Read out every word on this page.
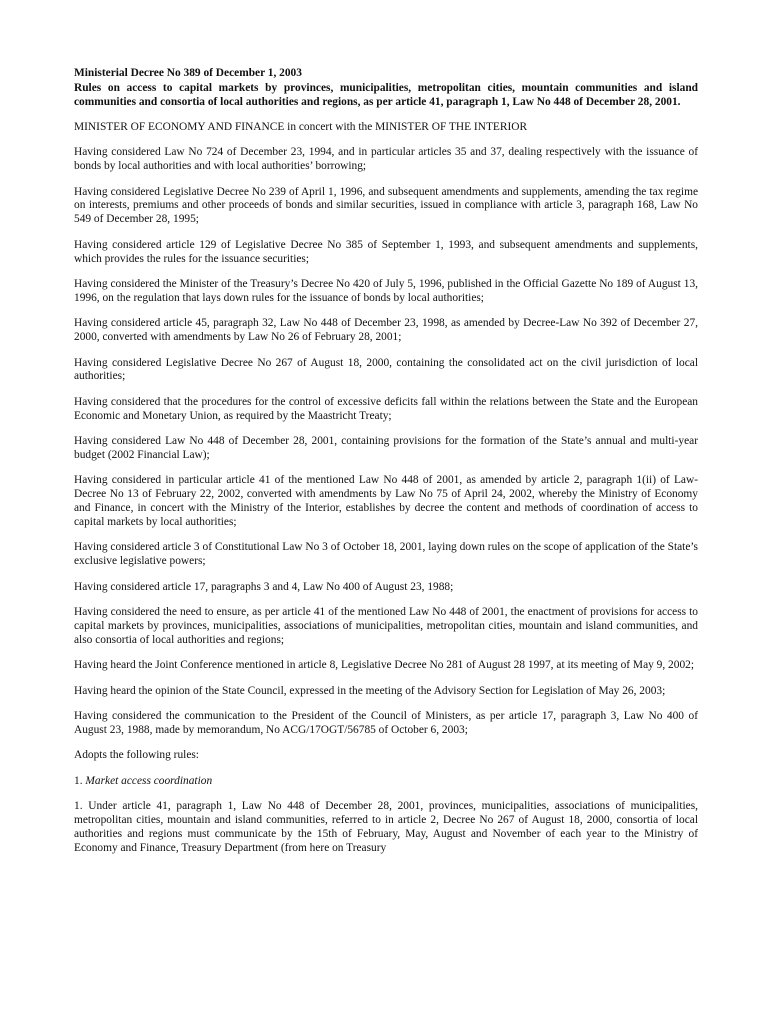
Ministerial Decree No 389 of December 1, 2003
Rules on access to capital markets by provinces, municipalities, metropolitan cities, mountain communities and island communities and consortia of local authorities and regions, as per article 41, paragraph 1, Law No 448 of December 28, 2001.

MINISTER OF ECONOMY AND FINANCE in concert with the MINISTER OF THE INTERIOR

Having considered Law No 724 of December 23, 1994, and in particular articles 35 and 37, dealing respectively with the issuance of bonds by local authorities and with local authorities’ borrowing;

Having considered Legislative Decree No 239 of April 1, 1996, and subsequent amendments and supplements, amending the tax regime on interests, premiums and other proceeds of bonds and similar securities, issued in compliance with article 3, paragraph 168, Law No 549 of December 28, 1995;

Having considered article 129 of Legislative Decree No 385 of September 1, 1993, and subsequent amendments and supplements, which provides the rules for the issuance securities;

Having considered the Minister of the Treasury’s Decree No 420 of July 5, 1996, published in the Official Gazette No 189 of August 13, 1996, on the regulation that lays down rules for the issuance of bonds by local authorities;

Having considered article 45, paragraph 32, Law No 448 of December 23, 1998, as amended by Decree-Law No 392 of December 27, 2000, converted with amendments by Law No 26 of February 28, 2001;

Having considered Legislative Decree No 267 of August 18, 2000, containing the consolidated act on the civil jurisdiction of local authorities;

Having considered that the procedures for the control of excessive deficits fall within the relations between the State and the European Economic and Monetary Union, as required by the Maastricht Treaty;

Having considered Law No 448 of December 28, 2001, containing provisions for the formation of the State’s annual and multi-year budget (2002 Financial Law);

Having considered in particular article 41 of the mentioned Law No 448 of 2001, as amended by article 2, paragraph 1(ii) of Law-Decree No 13 of February 22, 2002, converted with amendments by Law No 75 of April 24, 2002, whereby the Ministry of Economy and Finance, in concert with the Ministry of the Interior, establishes by decree the content and methods of coordination of access to capital markets by local authorities;

Having considered article 3 of Constitutional Law No 3 of October 18, 2001, laying down rules on the scope of application of the State’s exclusive legislative powers;

Having considered article 17, paragraphs 3 and 4, Law No 400 of August 23, 1988;

Having considered the need to ensure, as per article 41 of the mentioned Law No 448 of 2001, the enactment of provisions for access to capital markets by provinces, municipalities, associations of municipalities, metropolitan cities, mountain and island communities, and also consortia of local authorities and regions;

Having heard the Joint Conference mentioned in article 8, Legislative Decree No 281 of August 28 1997, at its meeting of May 9, 2002;

Having heard the opinion of the State Council, expressed in the meeting of the Advisory Section for Legislation of May 26, 2003;

Having considered the communication to the President of the Council of Ministers, as per article 17, paragraph 3, Law No 400 of August 23, 1988, made by memorandum, No ACG/17OGT/56785 of October 6, 2003;

Adopts the following rules:

1. Market access coordination

1. Under article 41, paragraph 1, Law No 448 of December 28, 2001, provinces, municipalities, associations of municipalities, metropolitan cities, mountain and island communities, referred to in article 2, Decree No 267 of August 18, 2000, consortia of local authorities and regions must communicate by the 15th of February, May, August and November of each year to the Ministry of Economy and Finance, Treasury Department (from here on Treasury
